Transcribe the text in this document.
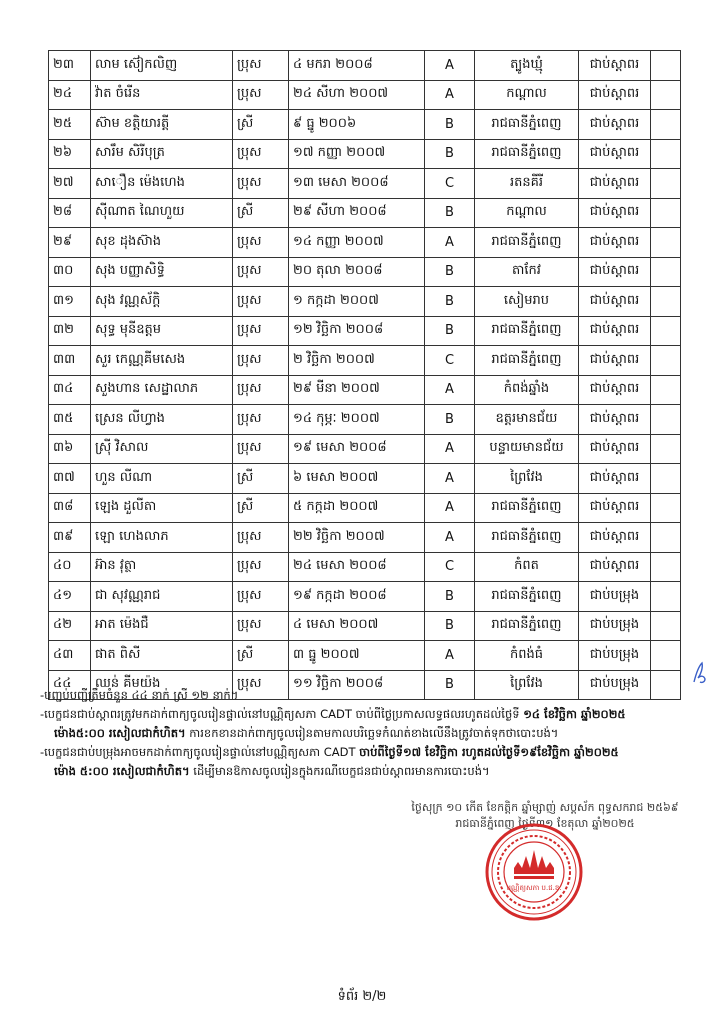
២៣	លាម ស៊ៀកលិញ	ប្រុស	៤ មករា ២០០៨	A	ត្បូងឃ្មុំ	ជាប់ស្ដាពរ	
២៤	វ៉ាត ចំរើន	ប្រុស	២៤ សីហា ២០០៧	A	កណ្ដាល	ជាប់ស្ដាពរ	
២៥	ស៊ាម ខត្តិយារត្តី	ស្រី	៩ ធ្នូ ២០០៦	B	រាជធានីភ្នំពេញ	ជាប់ស្ដាពរ	
២៦	សារឹម សិរីបុត្រ	ប្រុស	១៧ កញ្ញា ២០០៧	B	រាជធានីភ្នំពេញ	ជាប់ស្ដាពរ	
២៧	សាឿន ម៉េងហេង	ប្រុស	១៣ មេសា ២០០៨	C	រតនគីរី	ជាប់ស្ដាពរ	
២៨	ស៊ីណាត ណៃហួយ	ស្រី	២៩ សីហា ២០០៨	B	កណ្ដាល	ជាប់ស្ដាពរ	
២៩	សុខ ដុងស៊ាង	ប្រុស	១៤ កញ្ញា ២០០៧	A	រាជធានីភ្នំពេញ	ជាប់ស្ដាពរ	
៣០	សុង បញ្ញាសិទ្ធិ	ប្រុស	២០ តុលា ២០០៨	B	តាកែវ	ជាប់ស្ដាពរ	
៣១	សុង វណ្ណស័ក្តិ	ប្រុស	១ កក្កដា ២០០៧	B	សៀមរាប	ជាប់ស្ដាពរ	
៣២	សុទ្ធ មុនីឧត្តម	ប្រុស	១២ វិច្ឆិកា ២០០៨	B	រាជធានីភ្នំពេញ	ជាប់ស្ដាពរ	
៣៣	សួរ កេណ្ណគីមសេង	ប្រុស	២ វិច្ឆិកា ២០០៧	C	រាជធានីភ្នំពេញ	ជាប់ស្ដាពរ	
៣៤	សួងហាន សេដ្ឋាលាភ	ប្រុស	២៩ មីនា ២០០៧	A	កំពង់ឆ្នាំង	ជាប់ស្ដាពរ	
៣៥	ស្រេន លីហ្វាង	ប្រុស	១៤ កុម្ភៈ ២០០៧	B	ឧត្តរមានជ័យ	ជាប់ស្ដាពរ	
៣៦	ស្រ៊ី វិសាល	ប្រុស	១៩ មេសា ២០០៨	A	បន្ទាយមានជ័យ	ជាប់ស្ដាពរ	
៣៧	ហួន លីណា	ស្រី	៦ មេសា ២០០៧	A	ព្រៃវែង	ជាប់ស្ដាពរ	
៣៨	ឡេង ដួលីតា	ស្រី	៥ កក្កដា ២០០៧	A	រាជធានីភ្នំពេញ	ជាប់ស្ដាពរ	
៣៩	ឡោ ហេងលាភ	ប្រុស	២២ វិច្ឆិកា ២០០៧	A	រាជធានីភ្នំពេញ	ជាប់ស្ដាពរ	
៤០	អ៊ាន វុត្ថា	ប្រុស	២៤ មេសា ២០០៨	C	កំពត	ជាប់ស្ដាពរ	
៤១	ជា សុវណ្ណរាជ	ប្រុស	១៩ កក្កដា ២០០៨	B	រាជធានីភ្នំពេញ	ជាប់បម្រុង	
៤២	អាត ម៉េងជឺ	ប្រុស	៤ មេសា ២០០៧	B	រាជធានីភ្នំពេញ	ជាប់បម្រុង	
៤៣	ផាត ពិសី	ស្រី	៣ ធ្នូ ២០០៧	A	កំពង់ធំ	ជាប់បម្រុង	
៤៤	ឈន់ គីមយ៉ង	ប្រុស	១១ វិច្ឆិកា ២០០៨	B	ព្រៃវែង	ជាប់បម្រុង	

-បញ្ជប់បញ្ជីត្រឹមចំនួន ៤៤ នាក់ ស្រី ១២ នាក់។

-បេក្ខជនជាប់ស្ដាពរត្រូវមកដាក់ពាក្យចូលរៀនផ្ទាល់នៅបណ្ណិត្យសភា CADT ចាប់ពីថ្ងៃប្រកាសលទ្ធផលរហូតដល់ថ្ងៃទី ១៤ ខែវិច្ឆិកា ឆ្នាំ២០២៥

ម៉ោង៥:០០ រសៀលជាកំហិត។ ការខកខានដាក់ពាក្យចូលរៀនតាមកាលបរិច្ឆេទកំណត់ខាងលើនឹងត្រូវចាត់ទុកថាបោះបង់។

-បេក្ខជនជាប់បម្រុងអាចមកដាក់ពាក្យចូលរៀនផ្ទាល់នៅបណ្ណិត្យសភា CADT ចាប់ពីថ្ងៃទី១៧ ខែវិច្ឆិកា រហូតដល់ថ្ងៃទី១៩ខែវិច្ឆិកា ឆ្នាំ២០២៥

ម៉ោង ៥:០០ រសៀលជាកំហិត។ ដើម្បីមានឱកាសចូលរៀនក្នុងករណីបេក្ខជនជាប់ស្ដាពរមានការបោះបង់។

ថ្ងៃសុក្រ ១០ កើត ខែកត្តិក ឆ្នាំម្សាញ់ សប្តស័ក ពុទ្ធសករាជ ២៥៦៩
រាជធានីភ្នំពេញ ថ្ងៃទី៣១ ខែតុលា ឆ្នាំ២០២៥
បណ្ណិត្យសភា ប.ជ.ឌ.
ទំព័រ ២/២
